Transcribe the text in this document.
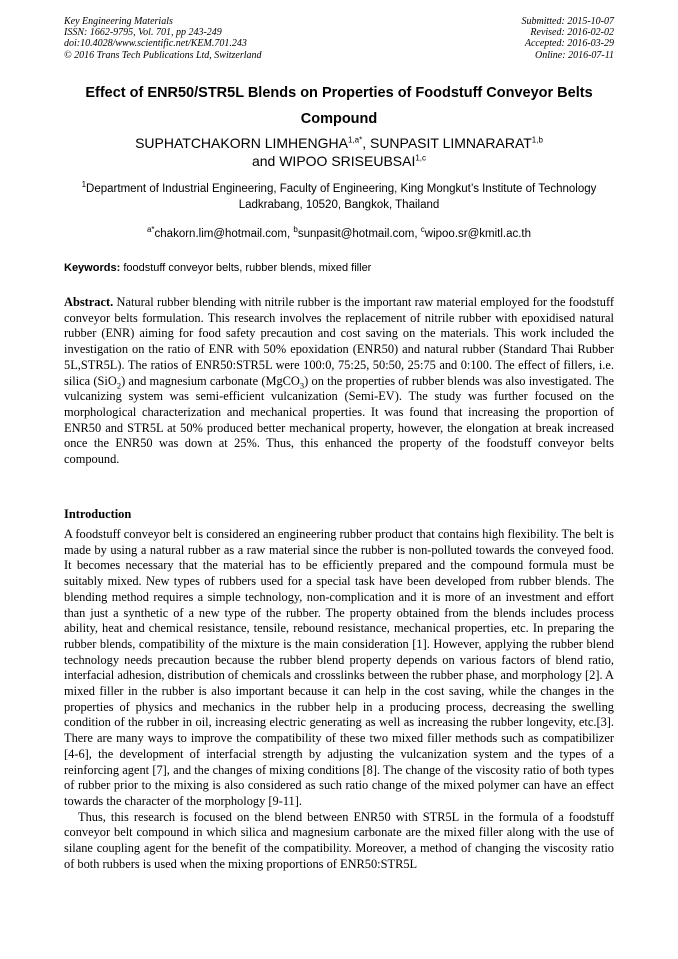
Key Engineering Materials
ISSN: 1662-9795, Vol. 701, pp 243-249
doi:10.4028/www.scientific.net/KEM.701.243
© 2016 Trans Tech Publications Ltd, Switzerland
Submitted: 2015-10-07
Revised: 2016-02-02
Accepted: 2016-03-29
Online: 2016-07-11
Effect of ENR50/STR5L Blends on Properties of Foodstuff Conveyor Belts Compound
SUPHATCHAKORN $LIMHENGHA^{1,a*}$, SUNPASIT LIMNARARAT$^{1,b}$
and WIPOO SRISEUBSAI$^{1,c}$
$^1$Department of Industrial Engineering, Faculty of Engineering, King Mongkut’s Institute of Technology Ladkrabang, 10520, Bangkok, Thailand
$^{a*}$chakorn.lim@hotmail.com, $^b$sunpasit@hotmail.com, $^c$wipoo.sr@kmitl.ac.th
Keywords: foodstuff conveyor belts, rubber blends, mixed filler
Abstract. Natural rubber blending with nitrile rubber is the important raw material employed for the foodstuff conveyor belts formulation. This research involves the replacement of nitrile rubber with epoxidised natural rubber (ENR) aiming for food safety precaution and cost saving on the materials. This work included the investigation on the ratio of ENR with 50% epoxidation (ENR50) and natural rubber (Standard Thai Rubber 5L,STR5L). The ratios of ENR50:STR5L were 100:0, 75:25, 50:50, 25:75 and 0:100. The effect of fillers, i.e. silica (SiO$_2$) and magnesium carbonate (MgCO$_3$) on the properties of rubber blends was also investigated. The vulcanizing system was semi-efficient vulcanization (Semi-EV). The study was further focused on the morphological characterization and mechanical properties. It was found that increasing the proportion of ENR50 and STR5L at 50% produced better mechanical property, however, the elongation at break increased once the ENR50 was down at 25%. Thus, this enhanced the property of the foodstuff conveyor belts compound.
Introduction

A foodstuff conveyor belt is considered an engineering rubber product that contains high flexibility. The belt is made by using a natural rubber as a raw material since the rubber is non-polluted towards the conveyed food. It becomes necessary that the material has to be efficiently prepared and the compound formula must be suitably mixed. New types of rubbers used for a special task have been developed from rubber blends. The blending method requires a simple technology, non-complication and it is more of an investment and effort than just a synthetic of a new type of the rubber. The property obtained from the blends includes process ability, heat and chemical resistance, tensile, rebound resistance, mechanical properties, etc. In preparing the rubber blends, compatibility of the mixture is the main consideration [1]. However, applying the rubber blend technology needs precaution because the rubber blend property depends on various factors of blend ratio, interfacial adhesion, distribution of chemicals and crosslinks between the rubber phase, and morphology [2]. A mixed filler in the rubber is also important because it can help in the cost saving, while the changes in the properties of physics and mechanics in the rubber help in a producing process, decreasing the swelling condition of the rubber in oil, increasing electric generating as well as increasing the rubber longevity, etc.[3]. There are many ways to improve the compatibility of these two mixed filler methods such as compatibilizer [4-6], the development of interfacial strength by adjusting the vulcanization system and the types of a reinforcing agent [7], and the changes of mixing conditions [8]. The change of the viscosity ratio of both types of rubber prior to the mixing is also considered as such ratio change of the mixed polymer can have an effect towards the character of the morphology [9-11].

Thus, this research is focused on the blend between ENR50 with STR5L in the formula of a foodstuff conveyor belt compound in which silica and magnesium carbonate are the mixed filler along with the use of silane coupling agent for the benefit of the compatibility. Moreover, a method of changing the viscosity ratio of both rubbers is used when the mixing proportions of ENR50:STR5L
